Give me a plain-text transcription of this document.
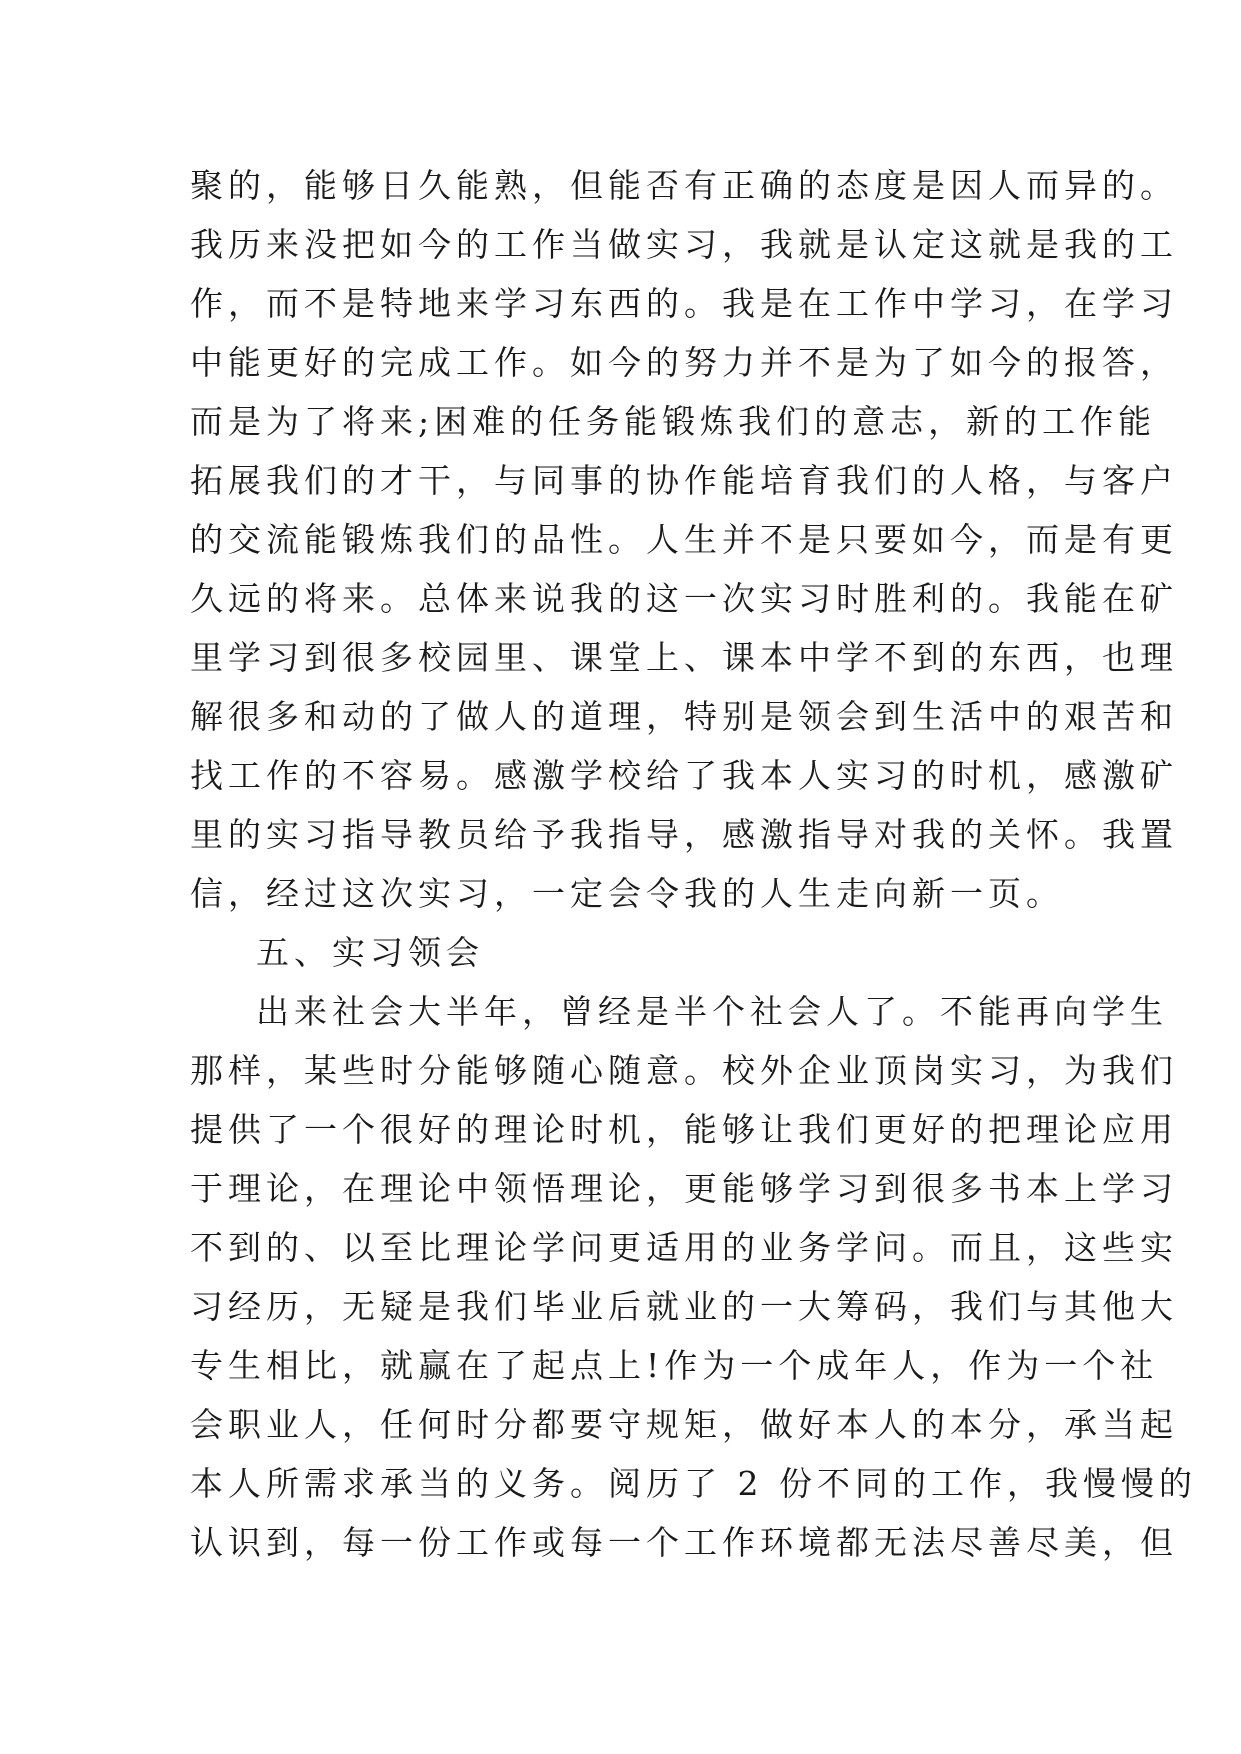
聚的，能够日久能熟，但能否有正确的态度是因人而异的。
我历来没把如今的工作当做实习，我就是认定这就是我的工
作，而不是特地来学习东西的。我是在工作中学习，在学习
中能更好的完成工作。如今的努力并不是为了如今的报答，
而是为了将来;困难的任务能锻炼我们的意志，新的工作能
拓展我们的才干，与同事的协作能培育我们的人格，与客户
的交流能锻炼我们的品性。人生并不是只要如今，而是有更
久远的将来。总体来说我的这一次实习时胜利的。我能在矿
里学习到很多校园里、课堂上、课本中学不到的东西，也理
解很多和动的了做人的道理，特别是领会到生活中的艰苦和
找工作的不容易。感激学校给了我本人实习的时机，感激矿
里的实习指导教员给予我指导，感激指导对我的关怀。我置
信，经过这次实习，一定会令我的人生走向新一页。
五、实习领会
出来社会大半年，曾经是半个社会人了。不能再向学生
那样，某些时分能够随心随意。校外企业顶岗实习，为我们
提供了一个很好的理论时机，能够让我们更好的把理论应用
于理论，在理论中领悟理论，更能够学习到很多书本上学习
不到的、以至比理论学问更适用的业务学问。而且，这些实
习经历，无疑是我们毕业后就业的一大筹码，我们与其他大
专生相比，就赢在了起点上!作为一个成年人，作为一个社
会职业人，任何时分都要守规矩，做好本人的本分，承当起
本人所需求承当的义务。阅历了 2 份不同的工作，我慢慢的
认识到，每一份工作或每一个工作环境都无法尽善尽美，但
